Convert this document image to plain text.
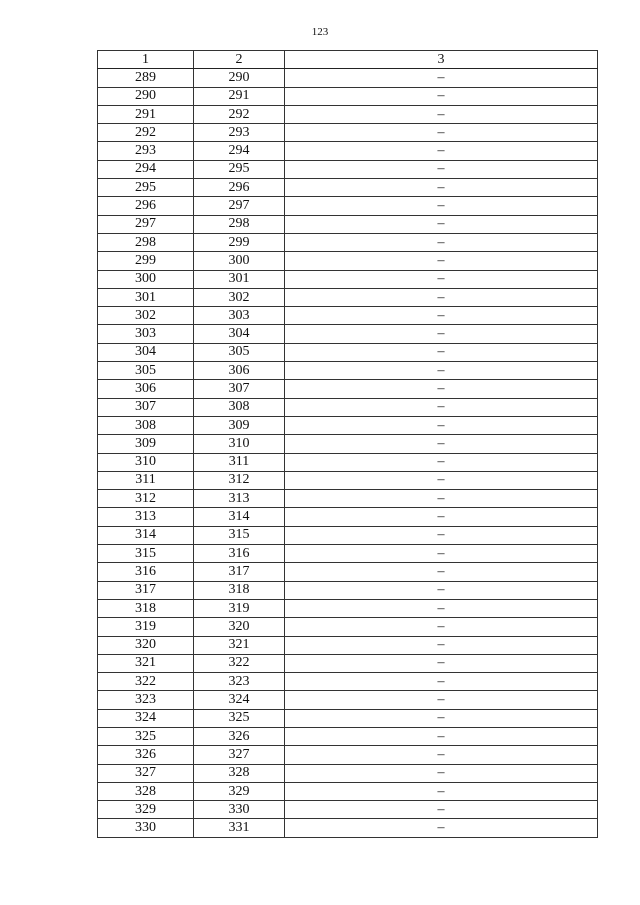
123
1	2	3
289	290	–
290	291	–
291	292	–
292	293	–
293	294	–
294	295	–
295	296	–
296	297	–
297	298	–
298	299	–
299	300	–
300	301	–
301	302	–
302	303	–
303	304	–
304	305	–
305	306	–
306	307	–
307	308	–
308	309	–
309	310	–
310	311	–
311	312	–
312	313	–
313	314	–
314	315	–
315	316	–
316	317	–
317	318	–
318	319	–
319	320	–
320	321	–
321	322	–
322	323	–
323	324	–
324	325	–
325	326	–
326	327	–
327	328	–
328	329	–
329	330	–
330	331	–
